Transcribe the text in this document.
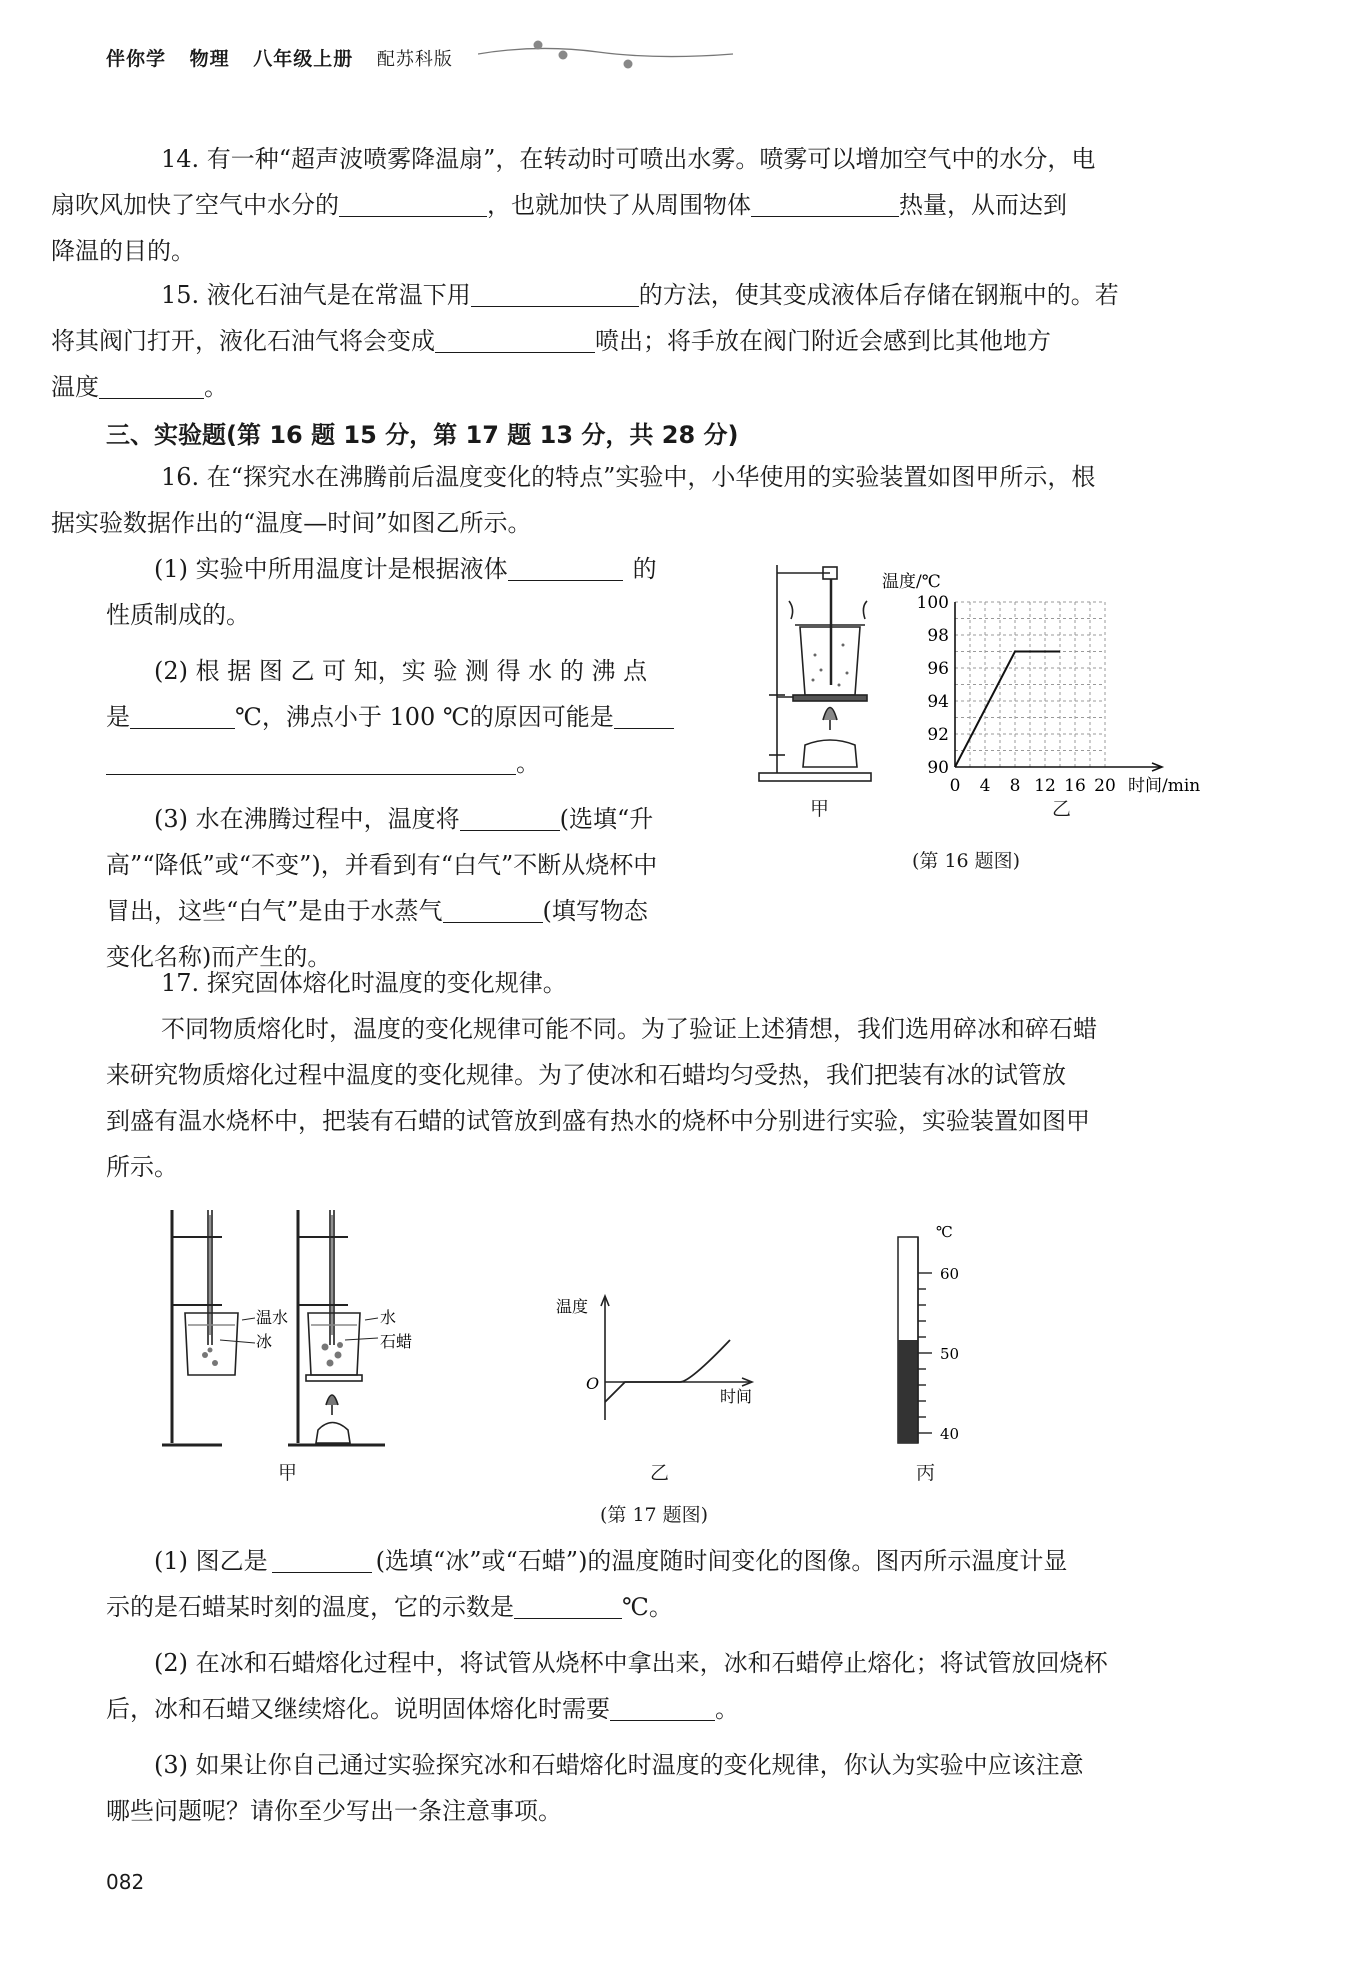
伴你学 物理 八年级上册 配苏科版
14. 有一种“超声波喷雾降温扇”，在转动时可喷出水雾。喷雾可以增加空气中的水分，电
扇吹风加快了空气中水分的	，也就加快了从周围物体	热量，从而达到
降温的目的。
15. 液化石油气是在常温下用	的方法，使其变成液体后存储在钢瓶中的。若
将其阀门打开，液化石油气将会变成	喷出；将手放在阀门附近会感到比其他地方
温度	。
三、实验题(第 16 题 15 分，第 17 题 13 分，共 28 分)
16. 在“探究水在沸腾前后温度变化的特点”实验中，小华使用的实验装置如图甲所示，根
据实验数据作出的“温度—时间”如图乙所示。
(1) 实验中所用温度计是根据液体	的
性质制成的。
(2) 根 据 图 乙 可 知，实 验 测 得 水 的 沸 点
是	℃，沸点小于 100 ℃的原因可能是
。
(3) 水在沸腾过程中，温度将	(选填“升
高”“降低”或“不变”)，并看到有“白气”不断从烧杯中
冒出，这些“白气”是由于水蒸气	(填写物态
变化名称)而产生的。
甲
0 4 8 12 16 20
90
92
94
96
98
100
温度/℃
时间/min
乙
(第 16 题图)
17. 探究固体熔化时温度的变化规律。
不同物质熔化时，温度的变化规律可能不同。为了验证上述猜想，我们选用碎冰和碎石蜡
来研究物质熔化过程中温度的变化规律。为了使冰和石蜡均匀受热，我们把装有冰的试管放
到盛有温水烧杯中，把装有石蜡的试管放到盛有热水的烧杯中分别进行实验，实验装置如图甲
所示。
温水
冰
水
石蜡
甲
温度
O
时间
乙
℃
60
50
40
丙
(第 17 题图)
(1) 图乙是	(选填“冰”或“石蜡”)的温度随时间变化的图像。图丙所示温度计显
示的是石蜡某时刻的温度，它的示数是	℃。
(2) 在冰和石蜡熔化过程中，将试管从烧杯中拿出来，冰和石蜡停止熔化；将试管放回烧杯
后，冰和石蜡又继续熔化。说明固体熔化时需要	。
(3) 如果让你自己通过实验探究冰和石蜡熔化时温度的变化规律，你认为实验中应该注意
哪些问题呢？请你至少写出一条注意事项。
082
